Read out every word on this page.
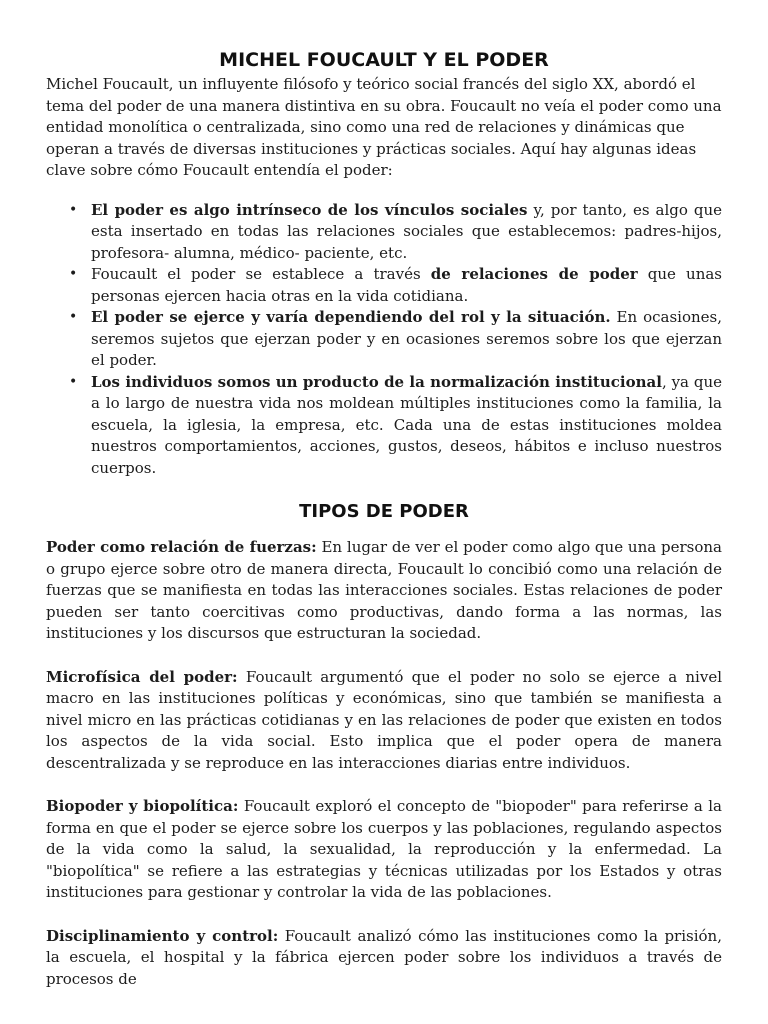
MICHEL FOUCAULT Y EL PODER

Michel Foucault, un influyente filósofo y teórico social francés del siglo XX, abordó el tema del poder de una manera distintiva en su obra. Foucault no veía el poder como una entidad monolítica o centralizada, sino como una red de relaciones y dinámicas que operan a través de diversas instituciones y prácticas sociales. Aquí hay algunas ideas clave sobre cómo Foucault entendía el poder:

• El poder es algo intrínseco de los vínculos sociales y, por tanto, es algo que esta insertado en todas las relaciones sociales que establecemos: padres-hijos, profesora- alumna, médico- paciente, etc.
• Foucault el poder se establece a través de relaciones de poder que unas personas ejercen hacia otras en la vida cotidiana.
• El poder se ejerce y varía dependiendo del rol y la situación. En ocasiones, seremos sujetos que ejerzan poder y en ocasiones seremos sobre los que ejerzan el poder.
• Los individuos somos un producto de la normalización institucional, ya que a lo largo de nuestra vida nos moldean múltiples instituciones como la familia, la escuela, la iglesia, la empresa, etc. Cada una de estas instituciones moldea nuestros comportamientos, acciones, gustos, deseos, hábitos e incluso nuestros cuerpos.
TIPOS DE PODER

Poder como relación de fuerzas: En lugar de ver el poder como algo que una persona o grupo ejerce sobre otro de manera directa, Foucault lo concibió como una relación de fuerzas que se manifiesta en todas las interacciones sociales. Estas relaciones de poder pueden ser tanto coercitivas como productivas, dando forma a las normas, las instituciones y los discursos que estructuran la sociedad.

Microfísica del poder: Foucault argumentó que el poder no solo se ejerce a nivel macro en las instituciones políticas y económicas, sino que también se manifiesta a nivel micro en las prácticas cotidianas y en las relaciones de poder que existen en todos los aspectos de la vida social. Esto implica que el poder opera de manera descentralizada y se reproduce en las interacciones diarias entre individuos.

Biopoder y biopolítica: Foucault exploró el concepto de "biopoder" para referirse a la forma en que el poder se ejerce sobre los cuerpos y las poblaciones, regulando aspectos de la vida como la salud, la sexualidad, la reproducción y la enfermedad. La "biopolítica" se refiere a las estrategias y técnicas utilizadas por los Estados y otras instituciones para gestionar y controlar la vida de las poblaciones.

Disciplinamiento y control: Foucault analizó cómo las instituciones como la prisión, la escuela, el hospital y la fábrica ejercen poder sobre los individuos a través de procesos de
